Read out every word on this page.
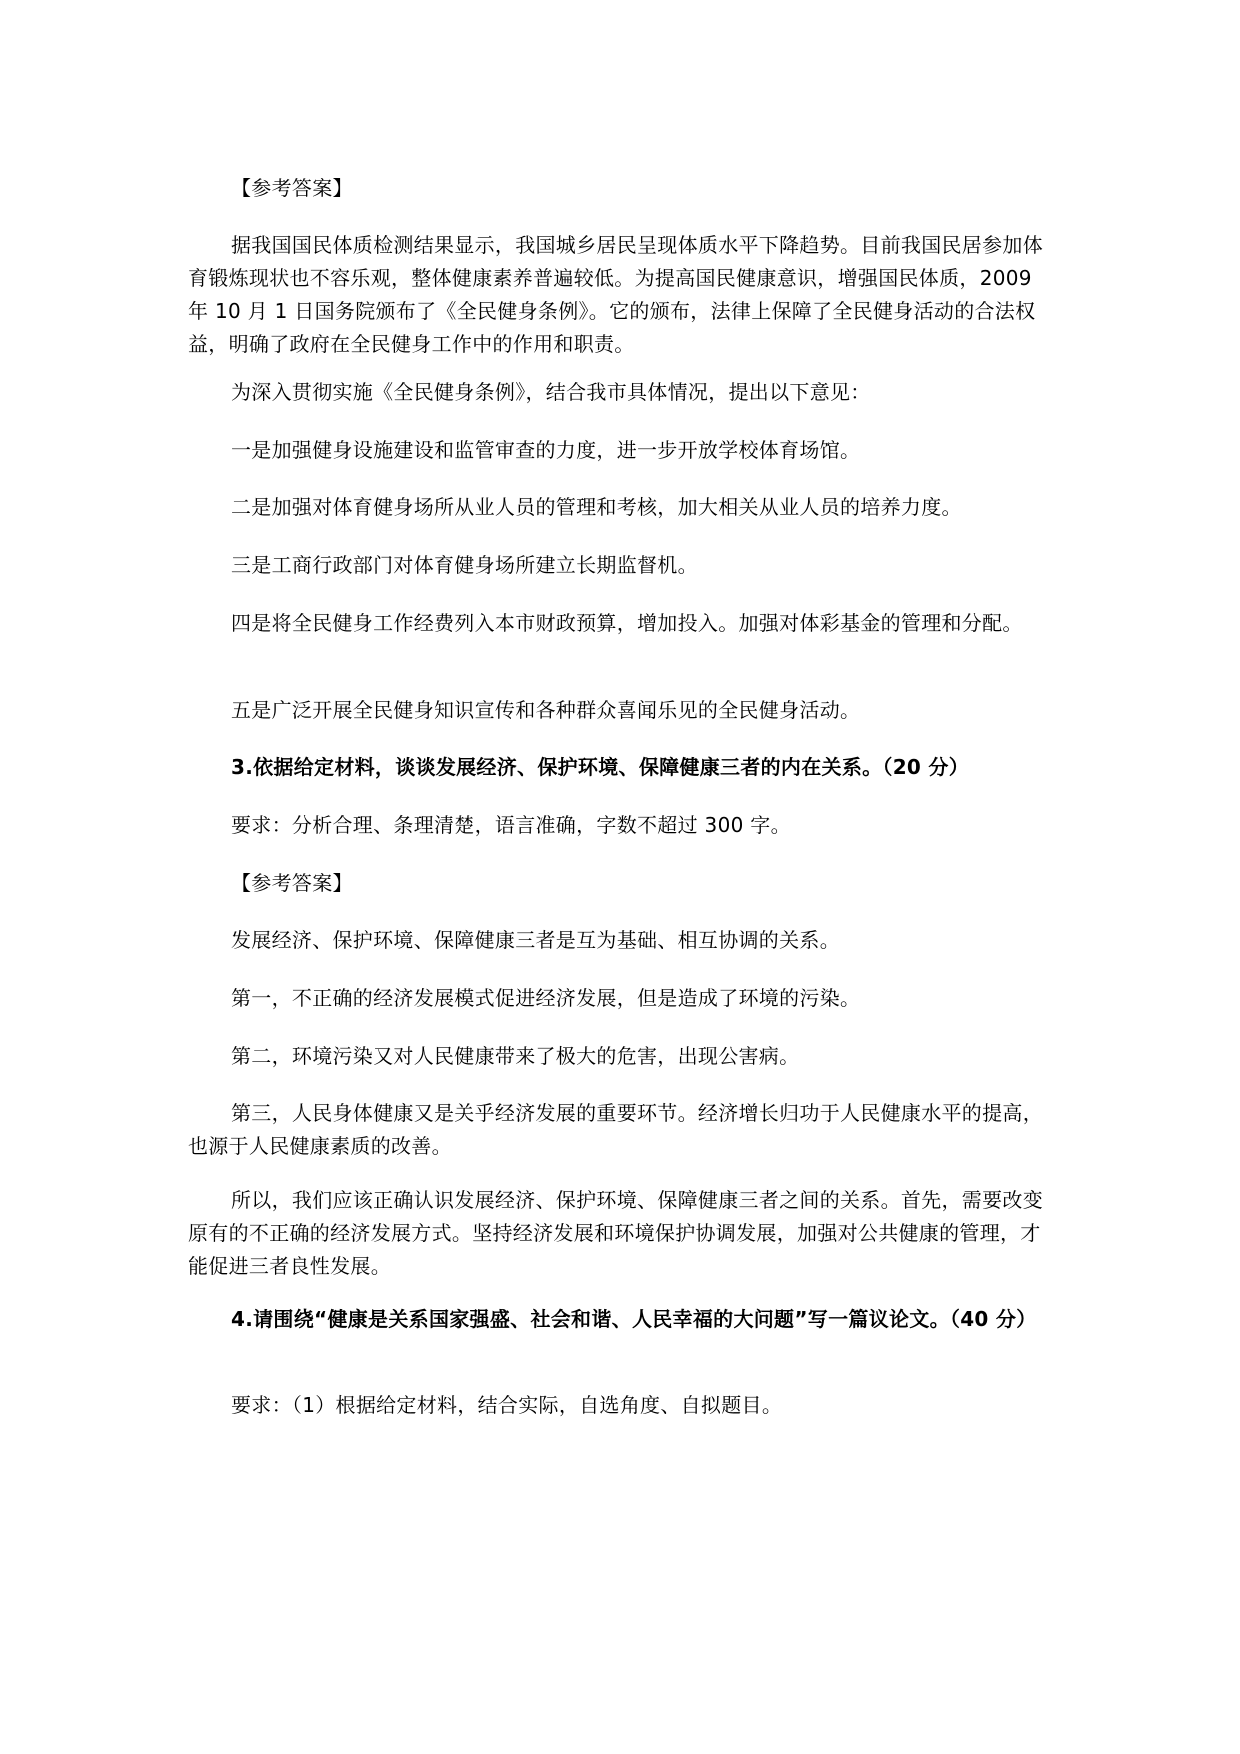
【参考答案】

据我国国民体质检测结果显示，我国城乡居民呈现体质水平下降趋势。目前我国民居参加体育锻炼现状也不容乐观，整体健康素养普遍较低。为提高国民健康意识，增强国民体质，2009 年 10 月 1 日国务院颁布了《全民健身条例》。它的颁布，法律上保障了全民健身活动的合法权益，明确了政府在全民健身工作中的作用和职责。

为深入贯彻实施《全民健身条例》，结合我市具体情况，提出以下意见：

一是加强健身设施建设和监管审查的力度，进一步开放学校体育场馆。

二是加强对体育健身场所从业人员的管理和考核，加大相关从业人员的培养力度。

三是工商行政部门对体育健身场所建立长期监督机。

四是将全民健身工作经费列入本市财政预算，增加投入。加强对体彩基金的管理和分配。

五是广泛开展全民健身知识宣传和各种群众喜闻乐见的全民健身活动。

3.依据给定材料，谈谈发展经济、保护环境、保障健康三者的内在关系。（20 分）

要求：分析合理、条理清楚，语言准确，字数不超过 300 字。

【参考答案】

发展经济、保护环境、保障健康三者是互为基础、相互协调的关系。

第一，不正确的经济发展模式促进经济发展，但是造成了环境的污染。

第二，环境污染又对人民健康带来了极大的危害，出现公害病。

第三，人民身体健康又是关乎经济发展的重要环节。经济增长归功于人民健康水平的提高，也源于人民健康素质的改善。

所以，我们应该正确认识发展经济、保护环境、保障健康三者之间的关系。首先，需要改变原有的不正确的经济发展方式。坚持经济发展和环境保护协调发展，加强对公共健康的管理，才能促进三者良性发展。

4.请围绕“健康是关系国家强盛、社会和谐、人民幸福的大问题”写一篇议论文。（40 分）

要求：（1）根据给定材料，结合实际，自选角度、自拟题目。
